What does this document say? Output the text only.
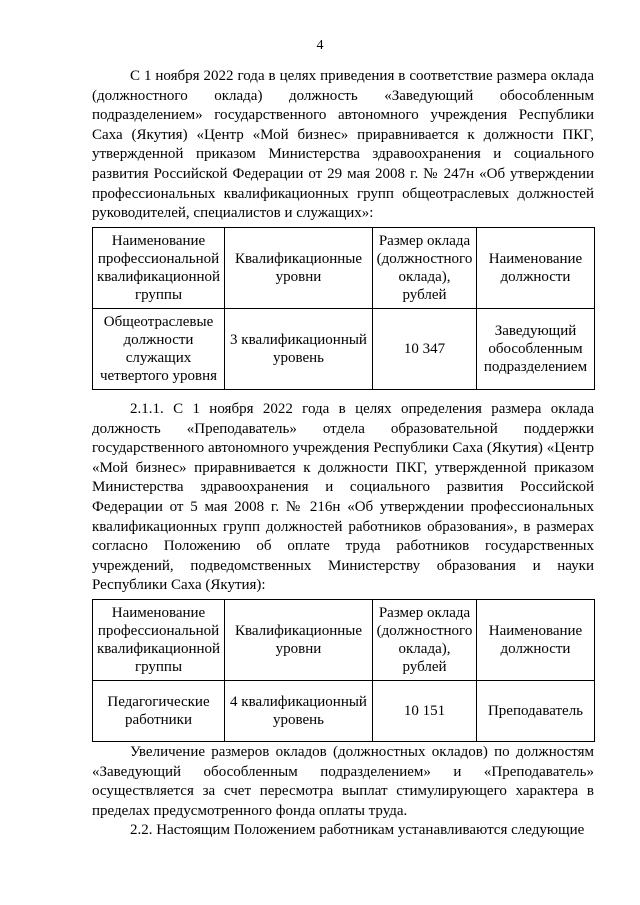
4

С 1 ноября 2022 года в целях приведения в соответствие размера оклада (должностного оклада) должность «Заведующий обособленным подразделением» государственного автономного учреждения Республики Саха (Якутия) «Центр «Мой бизнес» приравнивается к должности ПКГ, утвержденной приказом Министерства здравоохранения и социального развития Российской Федерации от 29 мая 2008 г. № 247н «Об утверждении профессиональных квалификационных групп общеотраслевых должностей руководителей, специалистов и служащих»:

Наименование профессиональной квалификационной группы	Квалификационные уровни	Размер оклада (должностного оклада), рублей	Наименование должности
Общеотраслевые должности служащих четвертого уровня	3 квалификационный уровень	10 347	Заведующий обособленным подразделением

2.1.1. С 1 ноября 2022 года в целях определения размера оклада должность «Преподаватель» отдела образовательной поддержки государственного автономного учреждения Республики Саха (Якутия) «Центр «Мой бизнес» приравнивается к должности ПКГ, утвержденной приказом Министерства здравоохранения и социального развития Российской Федерации от 5 мая 2008 г. № 216н «Об утверждении профессиональных квалификационных групп должностей работников образования», в размерах согласно Положению об оплате труда работников государственных учреждений, подведомственных Министерству образования и науки Республики Саха (Якутия):

Наименование профессиональной квалификационной группы	Квалификационные уровни	Размер оклада (должностного оклада), рублей	Наименование должности
Педагогические работники	4 квалификационный уровень	10 151	Преподаватель

Увеличение размеров окладов (должностных окладов) по должностям «Заведующий обособленным подразделением» и «Преподаватель» осуществляется за счет пересмотра выплат стимулирующего характера в пределах предусмотренного фонда оплаты труда.

2.2. Настоящим Положением работникам устанавливаются следующие
